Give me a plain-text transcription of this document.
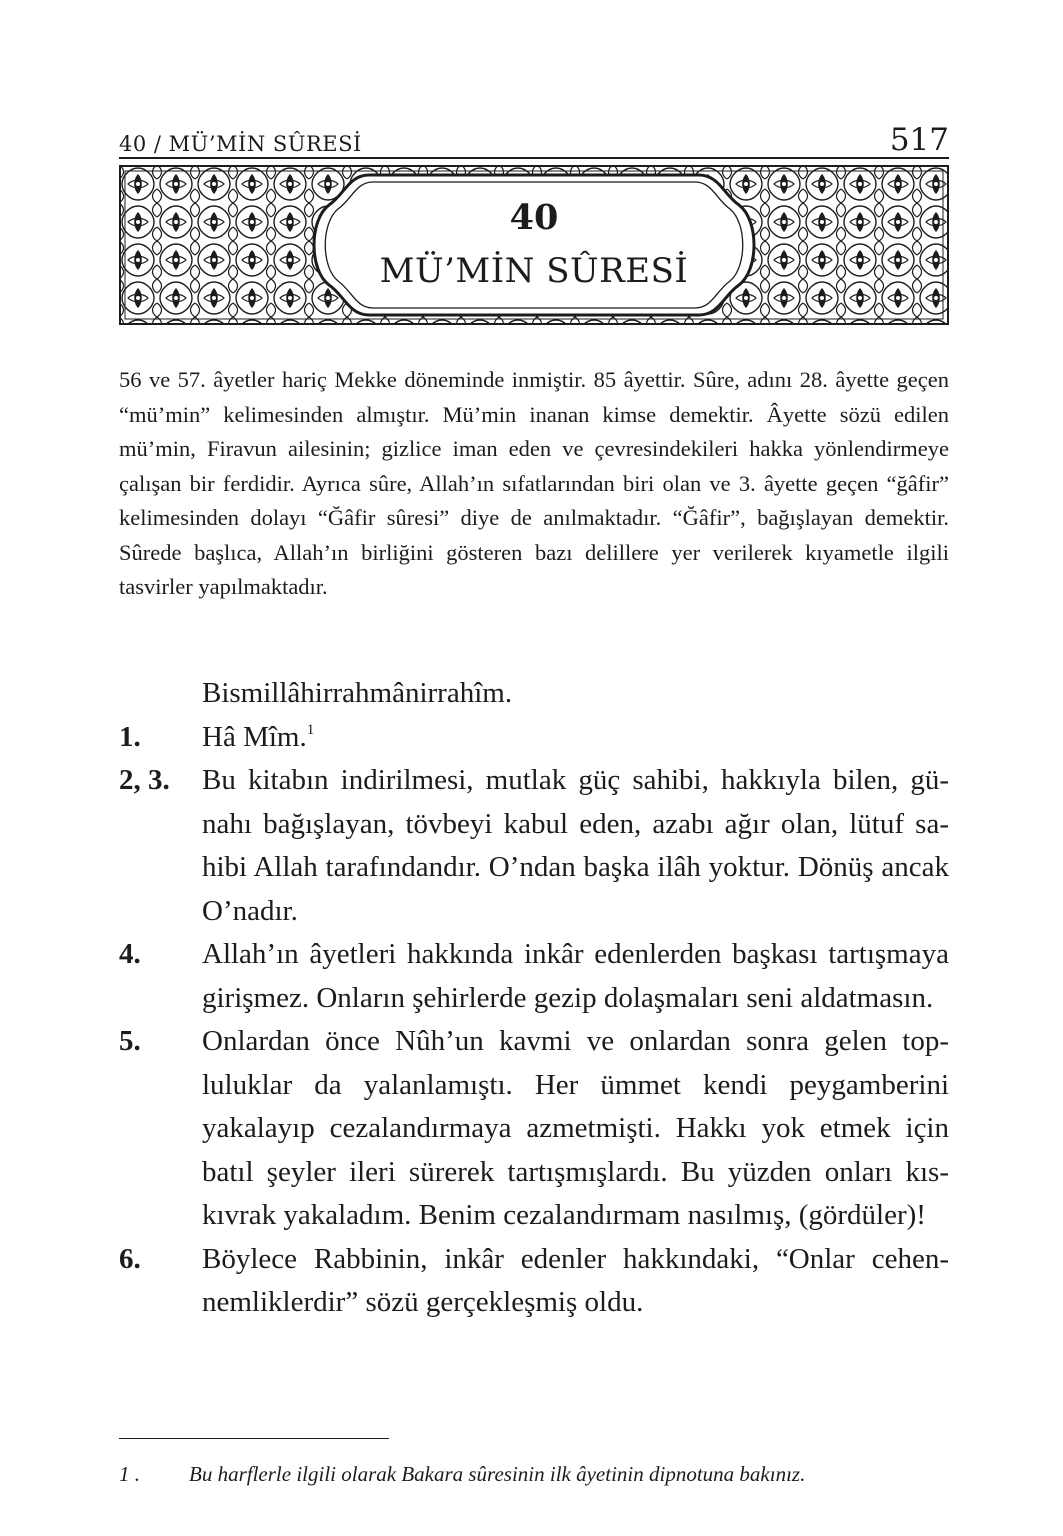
40 / MÜ’MİN SÛRESİ	517
40
MÜ’MİN SÛRESİ

56 ve 57. âyetler hariç Mekke döneminde inmiştir. 85 âyettir. Sûre, adını 28. âyette geçen “mü’min” kelimesinden almıştır. Mü’min inanan kimse demektir. Âyette sözü edilen mü’min, Firavun ailesinin; gizlice iman eden ve çevresindekileri hakka yönlendirmeye çalışan bir ferdidir. Ayrıca sûre, Allah’ın sıfatlarından biri olan ve 3. âyette geçen “ğâfir” kelimesinden dolayı “Ğâfir sûresi” diye de anılmaktadır. “Ğâfir”, bağışlayan demektir. Sûrede başlıca, Allah’ın birliğini gösteren bazı delillere yer verilerek kıyametle ilgili tasvirler yapılmaktadır.

Bismillâhirrahmânirrahîm.
1. Hâ Mîm.$^1$
2, 3. Bu kitabın indirilmesi, mutlak güç sahibi, hakkıyla bilen, günahı bağışlayan, tövbeyi kabul eden, azabı ağır olan, lütuf sahibi Allah tarafındandır. O’ndan başka ilâh yoktur. Dönüş ancak O’nadır.
4. Allah’ın âyetleri hakkında inkâr edenlerden başkası tartışmaya girişmez. Onların şehirlerde gezip dolaşmaları seni aldatmasın.
5. Onlardan önce Nûh’un kavmi ve onlardan sonra gelen topluluklar da yalanlamıştı. Her ümmet kendi peygamberini yakalayıp cezalandırmaya azmetmişti. Hakkı yok etmek için batıl şeyler ileri sürerek tartışmışlardı. Bu yüzden onları kıskıvrak yakaladım. Benim cezalandırmam nasılmış, (gördüler)!
6. Böylece Rabbinin, inkâr edenler hakkındaki, “Onlar cehennemliklerdir” sözü gerçekleşmiş oldu.
1 . Bu harflerle ilgili olarak Bakara sûresinin ilk âyetinin dipnotuna bakınız.
